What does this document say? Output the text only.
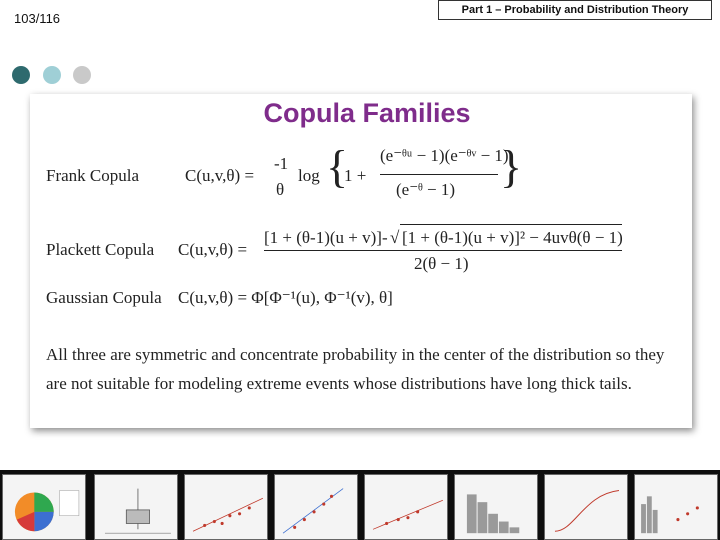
103/116
Part 1 – Probability and Distribution Theory
Copula Families
Frank Copula	C(u,v,θ) =
-1
θ
log {
1 +
(e⁻ᶿᵘ − 1)(e⁻ᶿᵛ − 1)
(e⁻ᶿ − 1) }
Plackett Copula C(u,v,θ) =
[1 + (θ-1)(u + v)]- √ [1 + (θ-1)(u + v)]² − 4uvθ(θ − 1)
2(θ − 1)
Gaussian Copula C(u,v,θ) = Φ[Φ⁻¹(u), Φ⁻¹(v), θ]
All three are symmetric and concentrate probability in the center of the distribution so they are not suitable for modeling extreme events whose distributions have long thick tails.
